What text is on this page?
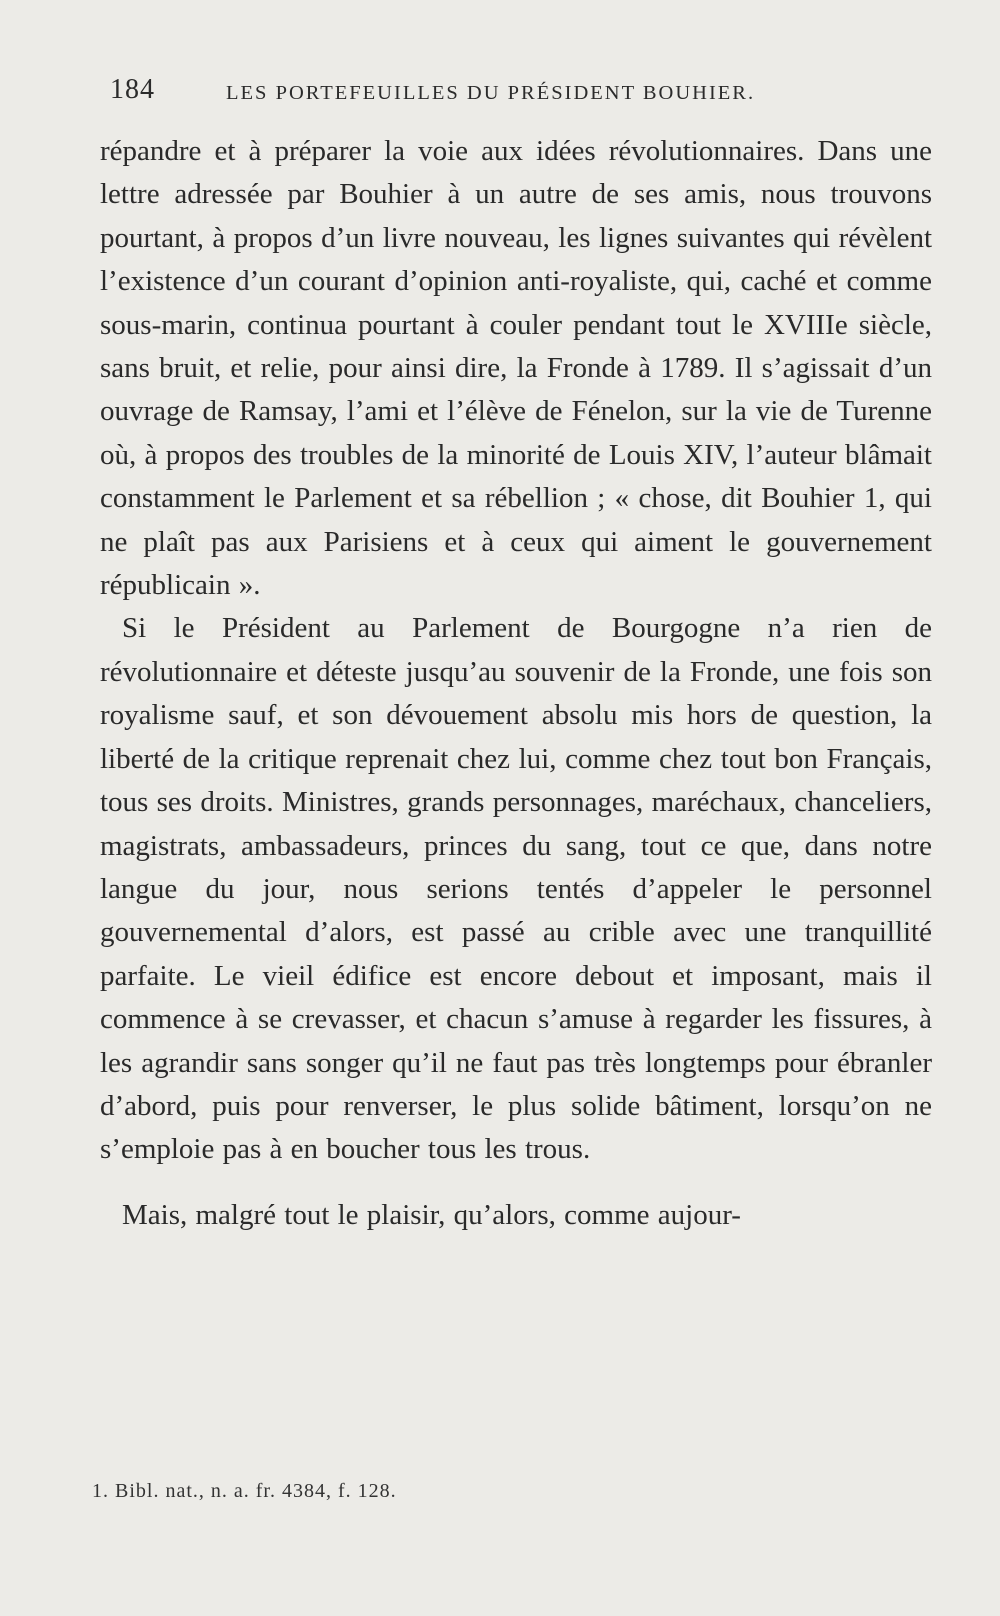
184	LES PORTEFEUILLES DU PRÉSIDENT BOUHIER.

répandre et à préparer la voie aux idées révolutionnaires. Dans une lettre adressée par Bouhier à un autre de ses amis, nous trouvons pourtant, à propos d’un livre nouveau, les lignes suivantes qui révèlent l’existence d’un courant d’opinion anti-royaliste, qui, caché et comme sous-marin, continua pourtant à couler pendant tout le XVIIIe siècle, sans bruit, et relie, pour ainsi dire, la Fronde à 1789. Il s’agissait d’un ouvrage de Ramsay, l’ami et l’élève de Fénelon, sur la vie de Turenne où, à propos des troubles de la minorité de Louis XIV, l’auteur blâmait constamment le Parlement et sa rébellion ; « chose, dit Bouhier 1, qui ne plaît pas aux Parisiens et à ceux qui aiment le gouvernement républicain ».

Si le Président au Parlement de Bourgogne n’a rien de révolutionnaire et déteste jusqu’au souvenir de la Fronde, une fois son royalisme sauf, et son dévouement absolu mis hors de question, la liberté de la critique reprenait chez lui, comme chez tout bon Français, tous ses droits. Ministres, grands personnages, maréchaux, chanceliers, magistrats, ambassadeurs, princes du sang, tout ce que, dans notre langue du jour, nous serions tentés d’appeler le personnel gouvernemental d’alors, est passé au crible avec une tranquillité parfaite. Le vieil édifice est encore debout et imposant, mais il commence à se crevasser, et chacun s’amuse à regarder les fissures, à les agrandir sans songer qu’il ne faut pas très longtemps pour ébranler d’abord, puis pour renverser, le plus solide bâtiment, lorsqu’on ne s’emploie pas à en boucher tous les trous.

Mais, malgré tout le plaisir, qu’alors, comme aujour-

1. Bibl. nat., n. a. fr. 4384, f. 128.
